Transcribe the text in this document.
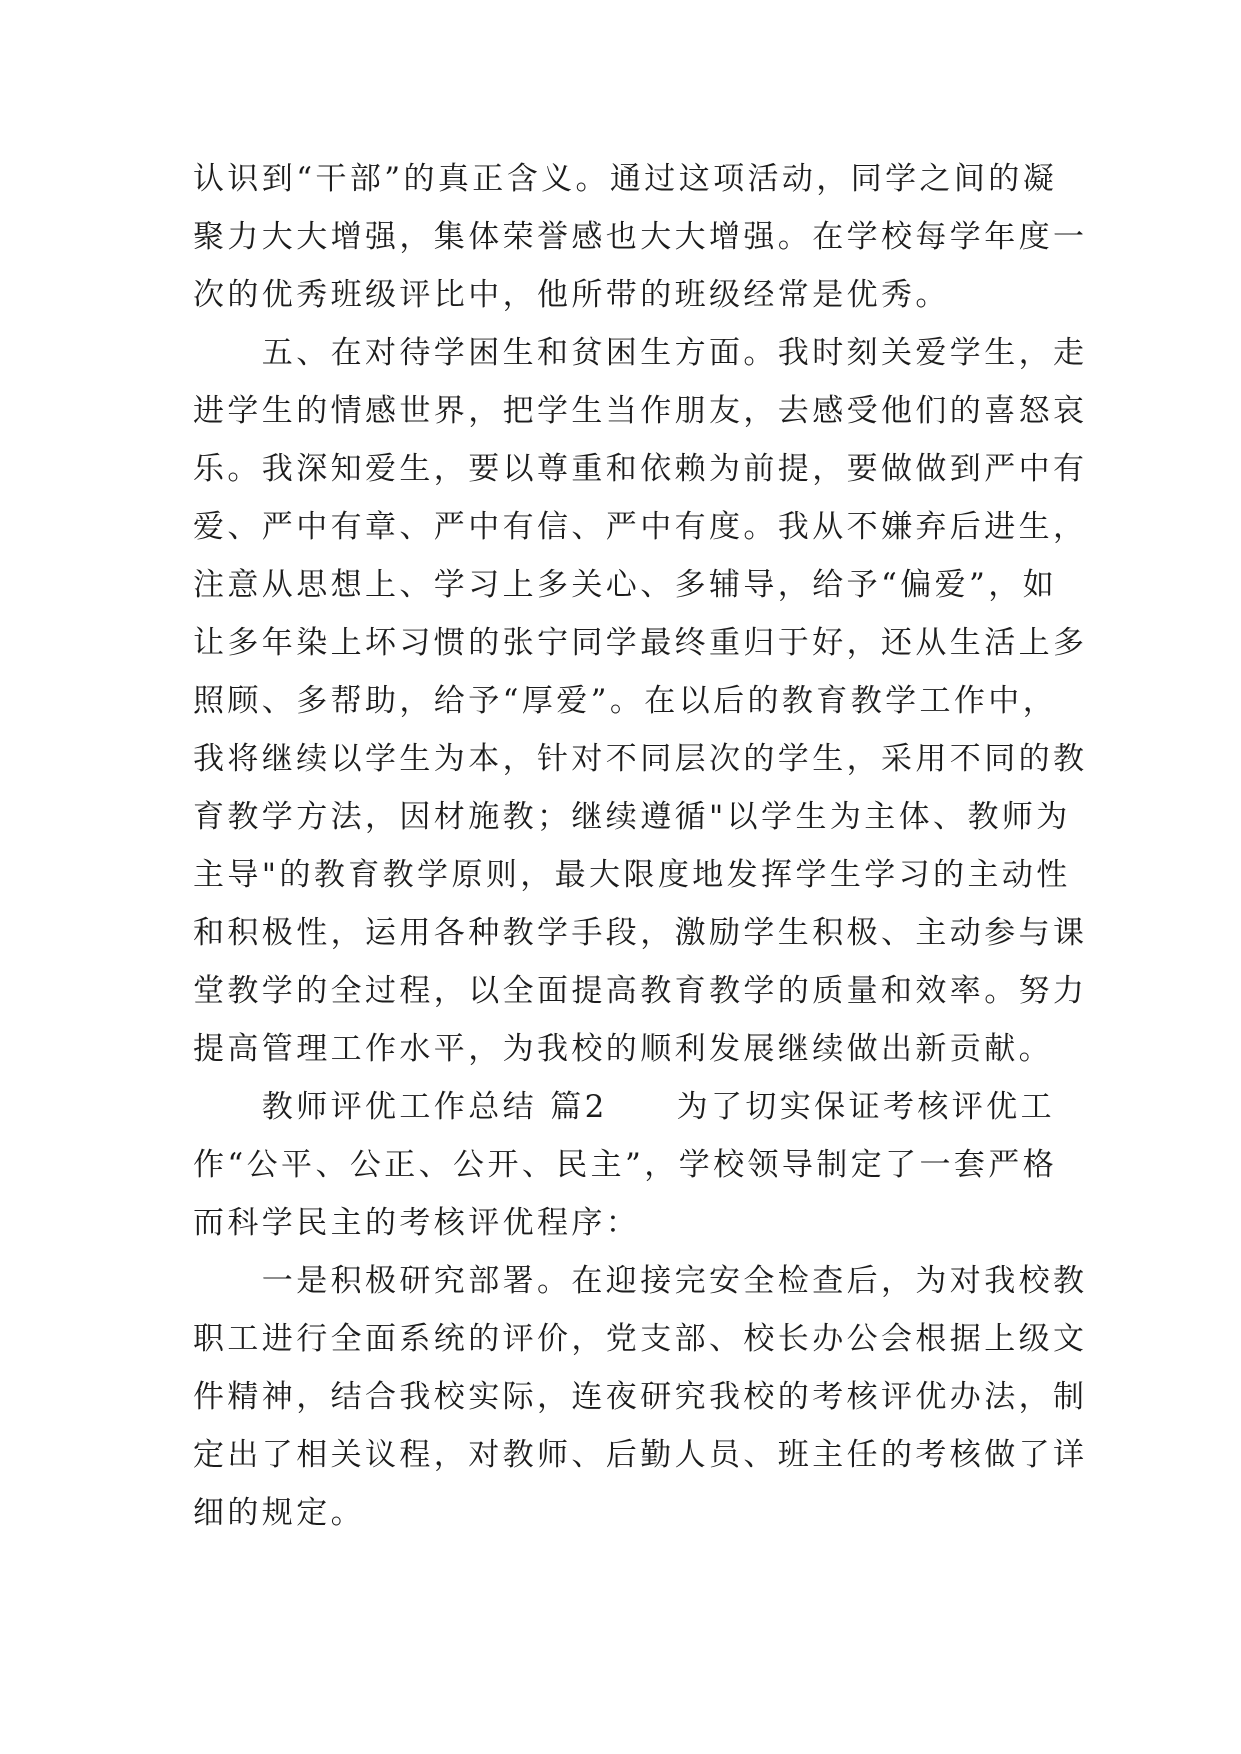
认识到“干部”的真正含义。通过这项活动，同学之间的凝
聚力大大增强，集体荣誉感也大大增强。在学校每学年度一
次的优秀班级评比中，他所带的班级经常是优秀。
　　五、在对待学困生和贫困生方面。我时刻关爱学生，走
进学生的情感世界，把学生当作朋友，去感受他们的喜怒哀
乐。我深知爱生，要以尊重和依赖为前提，要做做到严中有
爱、严中有章、严中有信、严中有度。我从不嫌弃后进生，
注意从思想上、学习上多关心、多辅导，给予“偏爱”，如
让多年染上坏习惯的张宁同学最终重归于好，还从生活上多
照顾、多帮助，给予“厚爱”。在以后的教育教学工作中，
我将继续以学生为本，针对不同层次的学生，采用不同的教
育教学方法，因材施教；继续遵循"以学生为主体、教师为
主导"的教育教学原则，最大限度地发挥学生学习的主动性
和积极性，运用各种教学手段，激励学生积极、主动参与课
堂教学的全过程，以全面提高教育教学的质量和效率。努力
提高管理工作水平，为我校的顺利发展继续做出新贡献。
　　教师评优工作总结 篇2　　为了切实保证考核评优工
作“公平、公正、公开、民主”，学校领导制定了一套严格
而科学民主的考核评优程序：
　　一是积极研究部署。在迎接完安全检查后，为对我校教
职工进行全面系统的评价，党支部、校长办公会根据上级文
件精神，结合我校实际，连夜研究我校的考核评优办法，制
定出了相关议程，对教师、后勤人员、班主任的考核做了详
细的规定。
